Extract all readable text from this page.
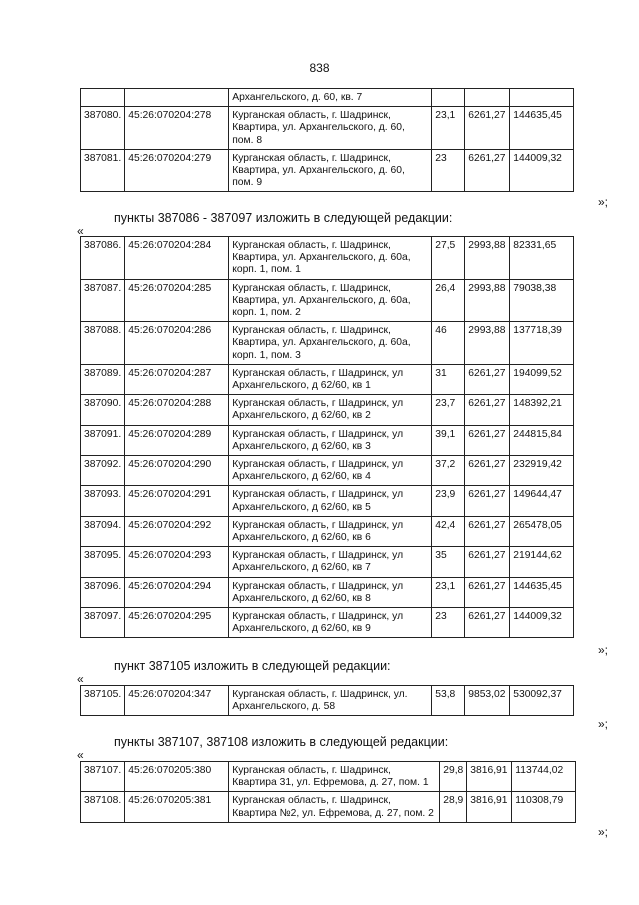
838
		Архангельского, д. 60, кв. 7			
387080.	45:26:070204:278	Курганская область, г. Шадринск, Квартира, ул. Архангельского, д. 60, пом. 8	23,1	6261,27	144635,45
387081.	45:26:070204:279	Курганская область, г. Шадринск, Квартира, ул. Архангельского, д. 60, пом. 9	23	6261,27	144009,32
»;
пункты 387086 - 387097 изложить в следующей редакции:
«
387086.	45:26:070204:284	Курганская область, г. Шадринск, Квартира, ул. Архангельского, д. 60а, корп. 1, пом. 1	27,5	2993,88	82331,65
387087.	45:26:070204:285	Курганская область, г. Шадринск, Квартира, ул. Архангельского, д. 60а, корп. 1, пом. 2	26,4	2993,88	79038,38
387088.	45:26:070204:286	Курганская область, г. Шадринск, Квартира, ул. Архангельского, д. 60а, корп. 1, пом. 3	46	2993,88	137718,39
387089.	45:26:070204:287	Курганская область, г Шадринск, ул Архангельского, д 62/60, кв 1	31	6261,27	194099,52
387090.	45:26:070204:288	Курганская область, г Шадринск, ул Архангельского, д 62/60, кв 2	23,7	6261,27	148392,21
387091.	45:26:070204:289	Курганская область, г Шадринск, ул Архангельского, д 62/60, кв 3	39,1	6261,27	244815,84
387092.	45:26:070204:290	Курганская область, г Шадринск, ул Архангельского, д 62/60, кв 4	37,2	6261,27	232919,42
387093.	45:26:070204:291	Курганская область, г Шадринск, ул Архангельского, д 62/60, кв 5	23,9	6261,27	149644,47
387094.	45:26:070204:292	Курганская область, г Шадринск, ул Архангельского, д 62/60, кв 6	42,4	6261,27	265478,05
387095.	45:26:070204:293	Курганская область, г Шадринск, ул Архангельского, д 62/60, кв 7	35	6261,27	219144,62
387096.	45:26:070204:294	Курганская область, г Шадринск, ул Архангельского, д 62/60, кв 8	23,1	6261,27	144635,45
387097.	45:26:070204:295	Курганская область, г Шадринск, ул Архангельского, д 62/60, кв 9	23	6261,27	144009,32
»;
пункт 387105 изложить в следующей редакции:
«
387105.	45:26:070204:347	Курганская область, г. Шадринск, ул. Архангельского, д. 58	53,8	9853,02	530092,37
»;
пункты 387107, 387108 изложить в следующей редакции:
«
387107.	45:26:070205:380	Курганская область, г. Шадринск, Квартира 31, ул. Ефремова, д. 27, пом. 1	29,8	3816,91	113744,02
387108.	45:26:070205:381	Курганская область, г. Шадринск, Квартира №2, ул. Ефремова, д. 27, пом. 2	28,9	3816,91	110308,79
»;
